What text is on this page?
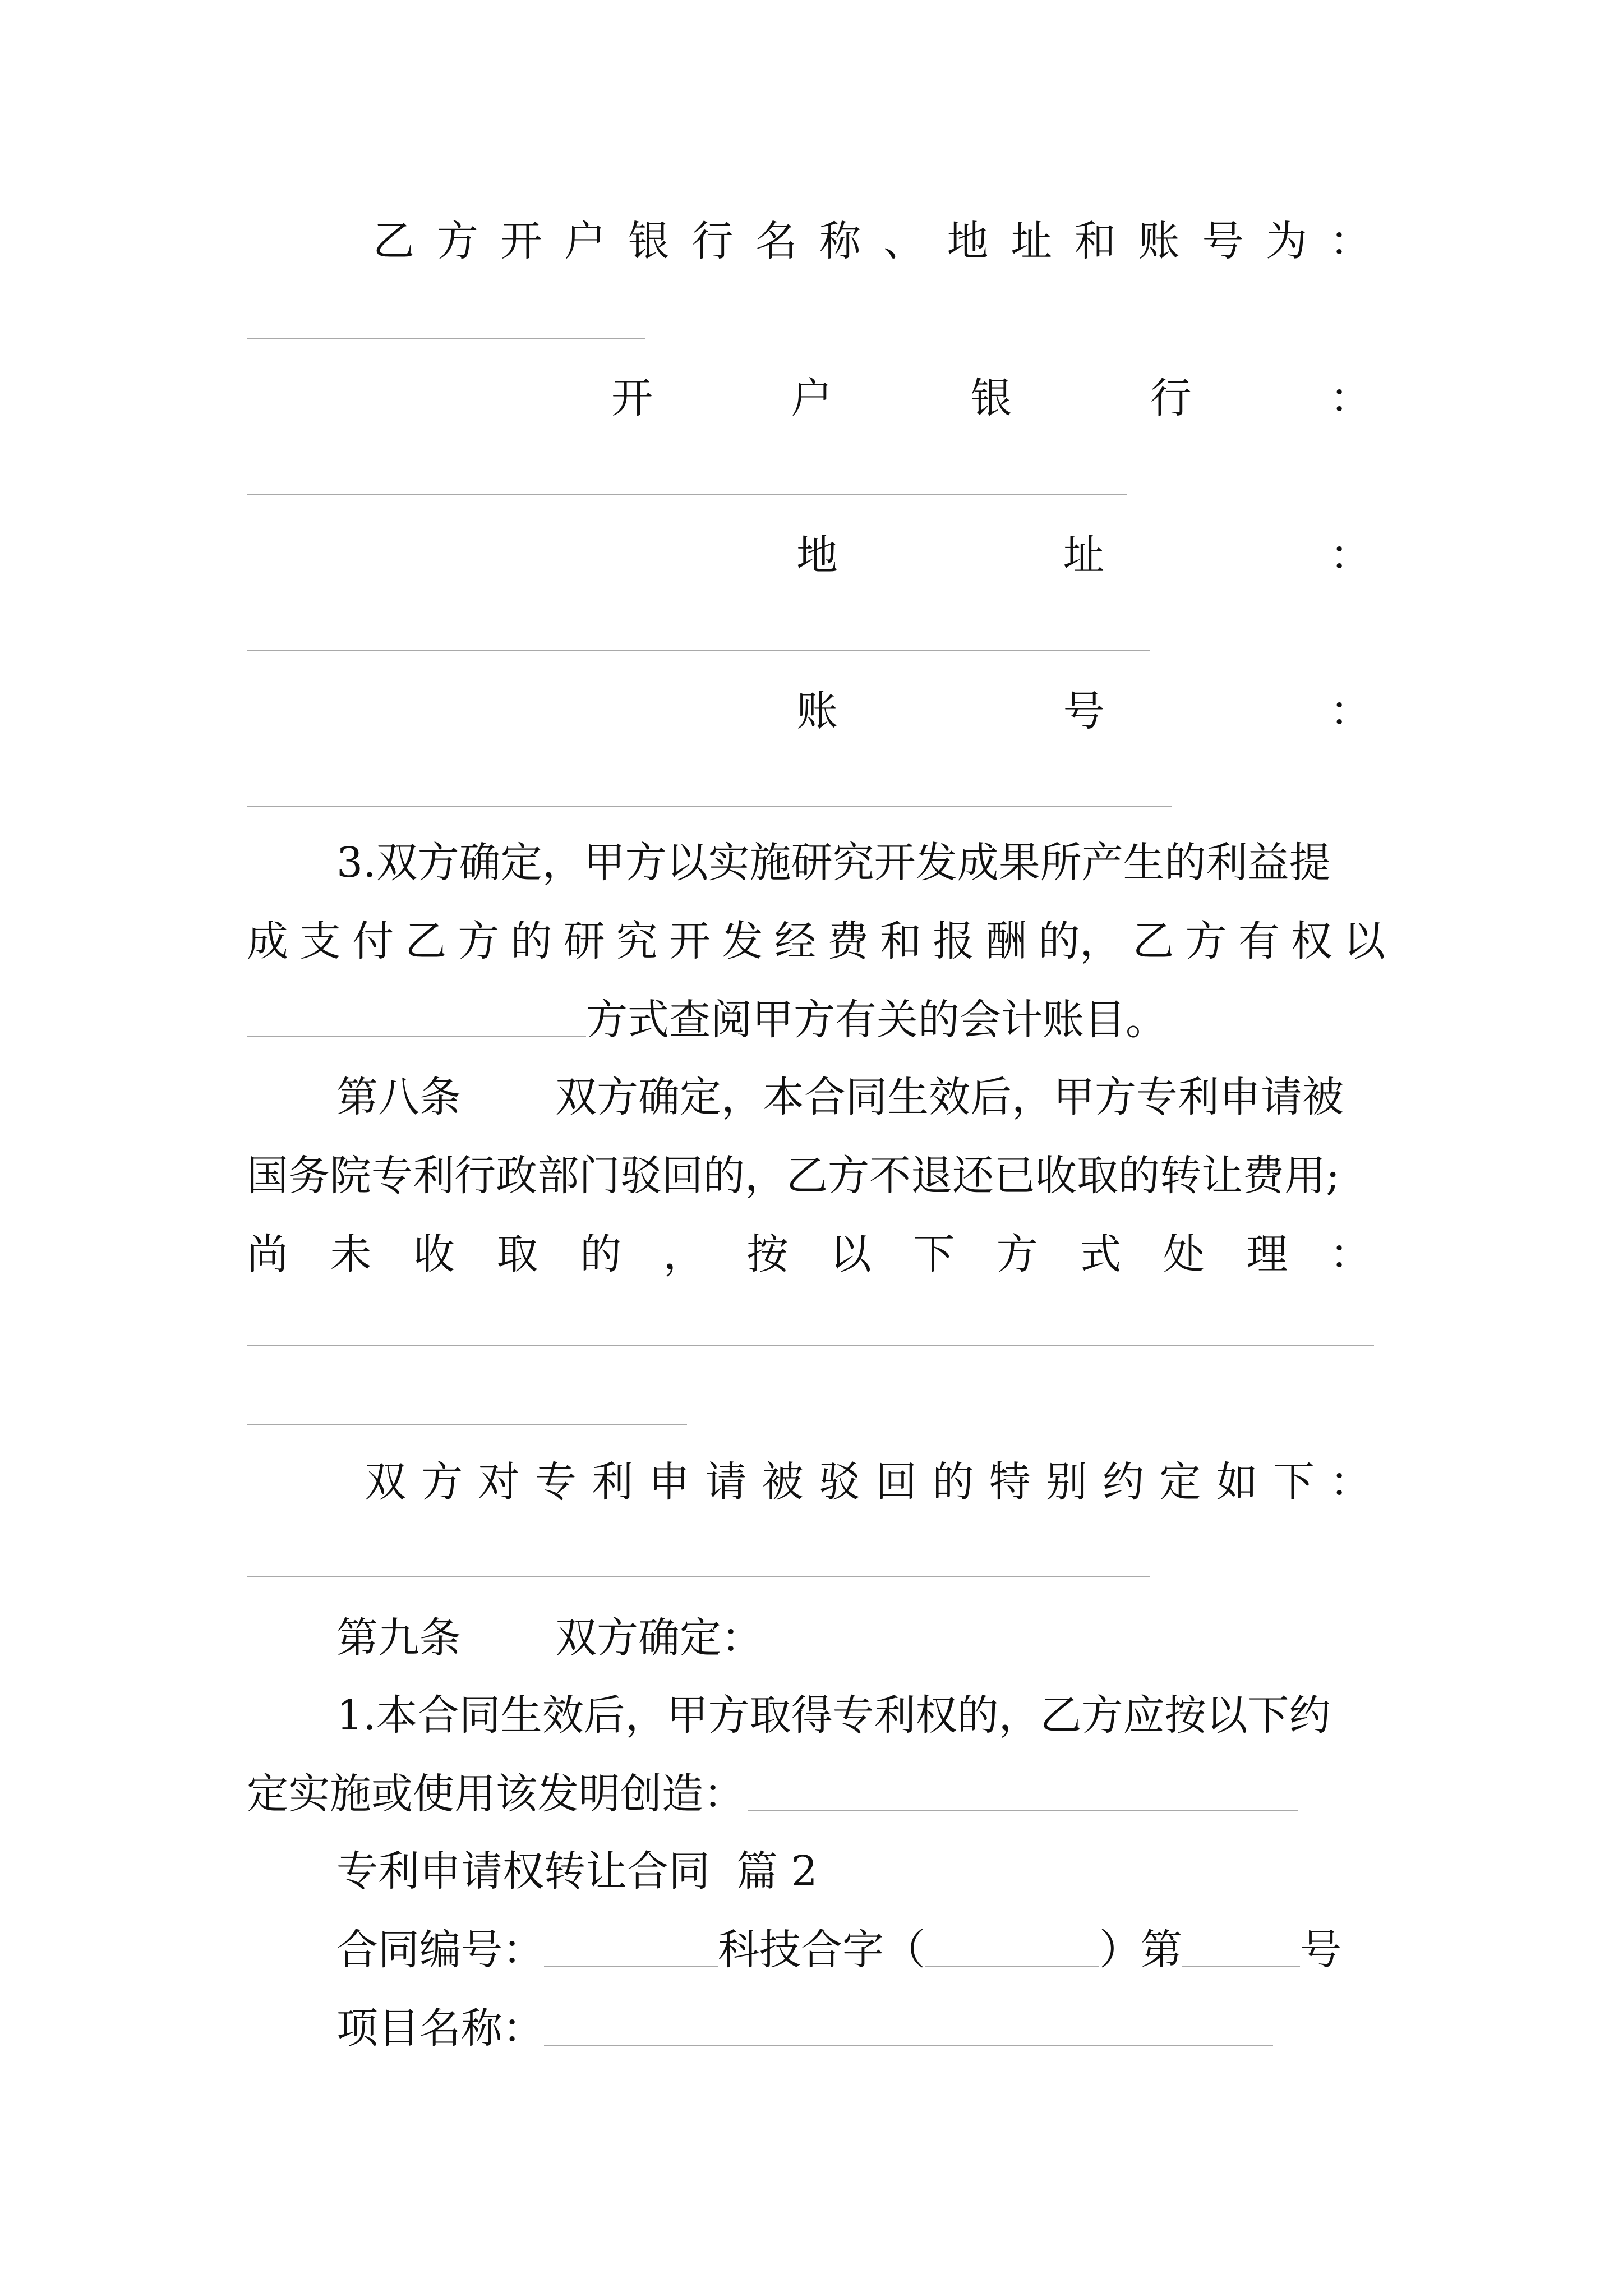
乙 方 开 户 银 行 名 称 、 地 址 和 账 号 为 ：
开	户	银	行	：
地	址	：
账	号	：
3.双方确定，甲方以实施研究开发成果所产生的利益提
成 支 付 乙 方 的 研 究 开 发 经 费 和 报 酬 的， 乙 方 有 权 以
方式查阅甲方有关的会计账目。
第八条 双方确定，本合同生效后，甲方专利申请被
国务院专利行政部门驳回的，乙方不退还已收取的转让费用;
尚 未 收 取 的 ， 按 以 下 方 式 处 理 ：
双 方 对 专 利 申 请 被 驳 回 的 特 别 约 定 如 下 ：
第九条 双方确定：
1.本合同生效后，甲方取得专利权的，乙方应按以下约
定实施或使用该发明创造：
专利申请权转让合同  篇 2
合同编号：	科技合字（	）第	号
项目名称：
